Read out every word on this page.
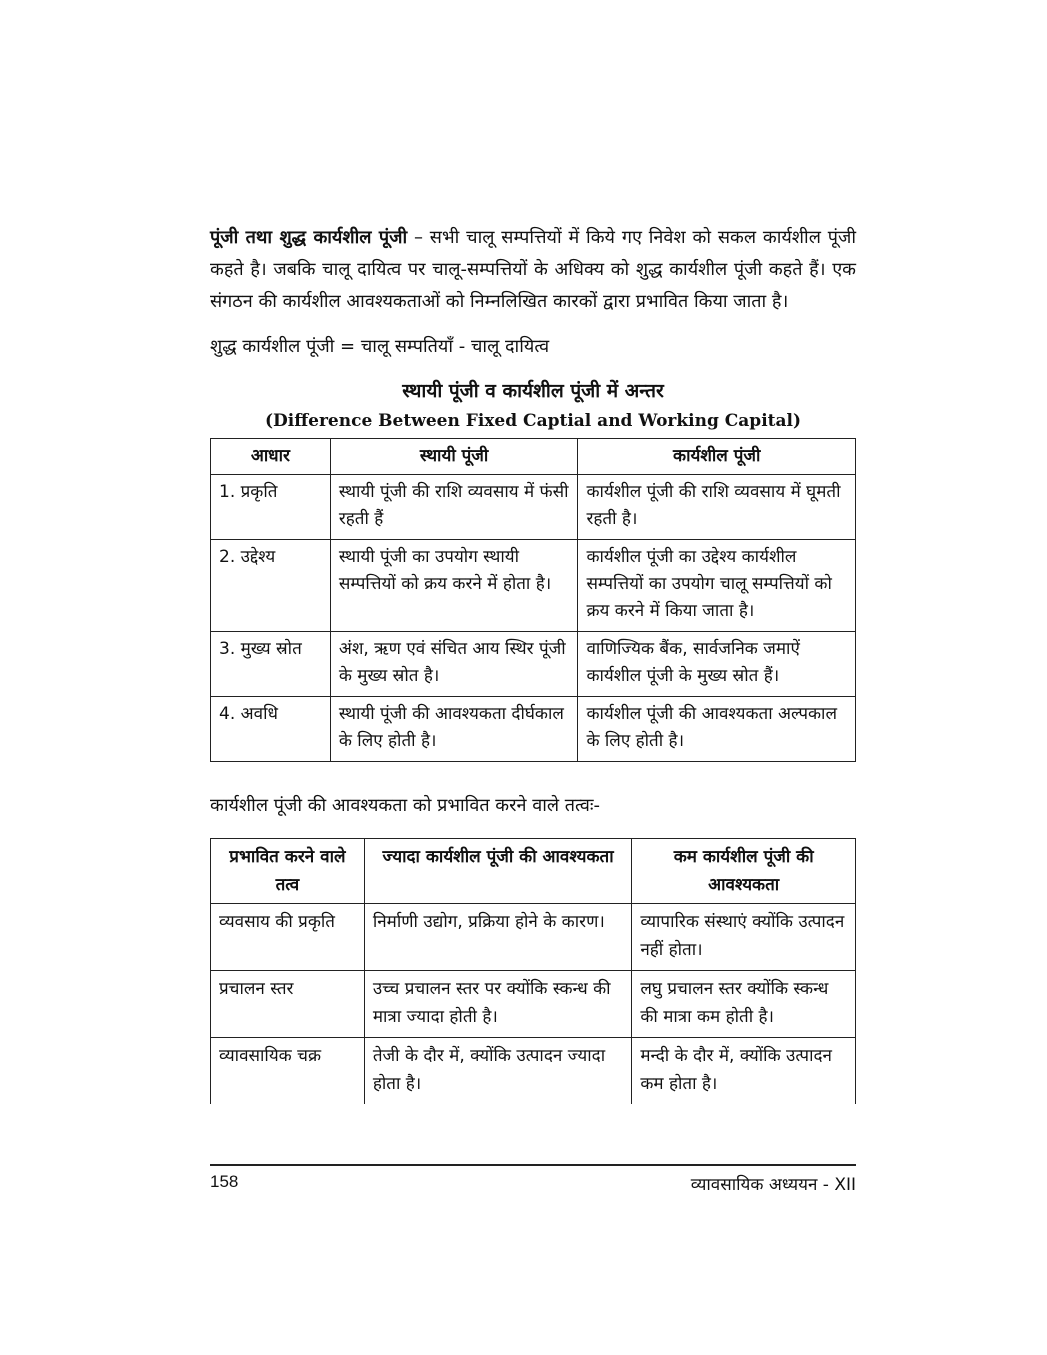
पूंजी तथा शुद्ध कार्यशील पूंजी – सभी चालू सम्पत्तियों में किये गए निवेश को सकल कार्यशील पूंजी कहते है। जबकि चालू दायित्व पर चालू-सम्पत्तियों के अधिक्य को शुद्ध कार्यशील पूंजी कहते हैं। एक संगठन की कार्यशील आवश्यकताओं को निम्नलिखित कारकों द्वारा प्रभावित किया जाता है।

शुद्ध कार्यशील पूंजी = चालू सम्पतियाँ - चालू दायित्व

स्थायी पूंजी व कार्यशील पूंजी में अन्तर

(Difference Between Fixed Captial and Working Capital)

आधार	स्थायी पूंजी	कार्यशील पूंजी
1. प्रकृति	स्थायी पूंजी की राशि व्यवसाय में फंसी रहती हैं	कार्यशील पूंजी की राशि व्यवसाय में घूमती रहती है।
2. उद्देश्य	स्थायी पूंजी का उपयोग स्थायी सम्पत्तियों को क्रय करने में होता है।	कार्यशील पूंजी का उद्देश्य कार्यशील सम्पत्तियों का उपयोग चालू सम्पत्तियों को क्रय करने में किया जाता है।
3. मुख्य स्रोत	अंश, ऋण एवं संचित आय स्थिर पूंजी के मुख्य स्रोत है।	वाणिज्यिक बैंक, सार्वजनिक जमाऐं कार्यशील पूंजी के मुख्य स्रोत हैं।
4. अवधि	स्थायी पूंजी की आवश्यकता दीर्घकाल के लिए होती है।	कार्यशील पूंजी की आवश्यकता अल्पकाल के लिए होती है।

कार्यशील पूंजी की आवश्यकता को प्रभावित करने वाले तत्वः-

प्रभावित करने वाले तत्व	ज्यादा कार्यशील पूंजी की आवश्यकता	कम कार्यशील पूंजी की आवश्यकता
व्यवसाय की प्रकृति	निर्माणी उद्योग, प्रक्रिया होने के कारण।	व्यापारिक संस्थाएं क्योंकि उत्पादन नहीं होता।
प्रचालन स्तर	उच्च प्रचालन स्तर पर क्योंकि स्कन्ध की मात्रा ज्यादा होती है।	लघु प्रचालन स्तर क्योंकि स्कन्ध की मात्रा कम होती है।
व्यावसायिक चक्र	तेजी के दौर में, क्योंकि उत्पादन ज्यादा होता है।	मन्दी के दौर में, क्योंकि उत्पादन कम होता है।
158	व्यावसायिक अध्ययन - XII
